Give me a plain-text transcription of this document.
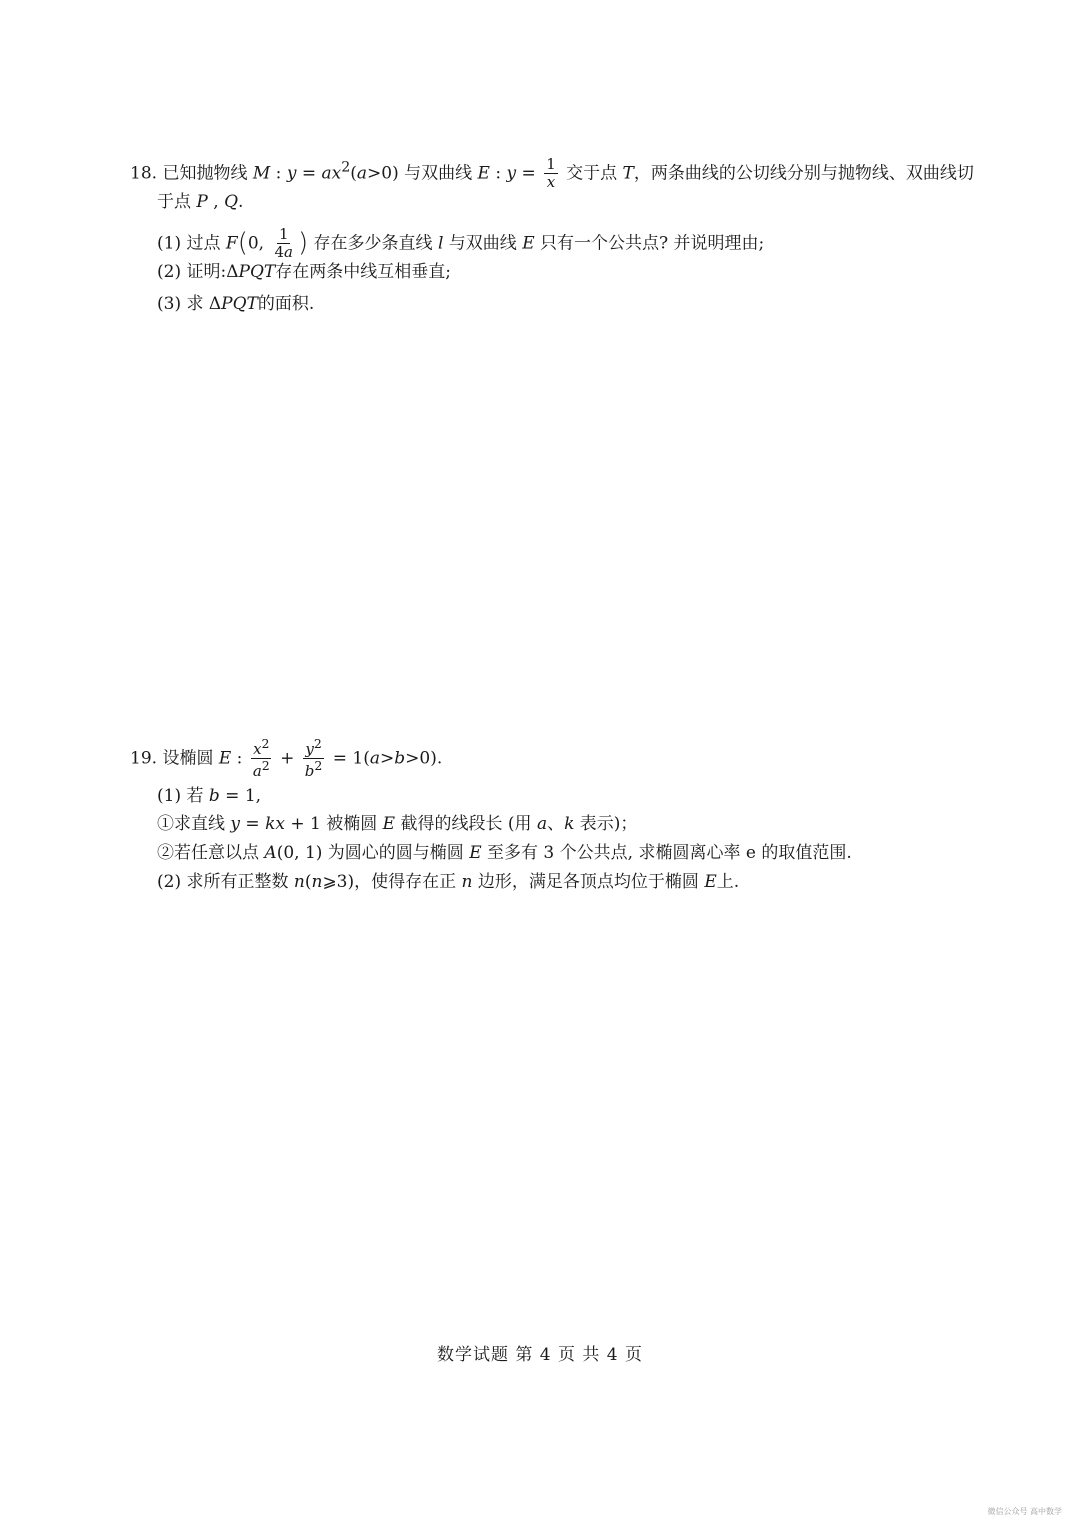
18. 已知抛物线 M : $y = ax^2(a>0)$ 与双曲线 E : $y = \frac{1}{x}$ 交于点 T，两条曲线的公切线分别与抛物线、双曲线切
于点 P , Q.
(1) 过点 F(0, $\frac{1}{4a}$ ) 存在多少条直线 l 与双曲线 E 只有一个公共点? 并说明理由;
(2) 证明:ΔPQT存在两条中线互相垂直;
(3) 求 ΔPQT的面积.
19. 设椭圆 E : $\frac{x^2}{a^2} + \frac{y^2}{b^2} = 1(a>b>0)$.
(1) 若 b = 1,
①求直线 y = kx + 1 被椭圆 E 截得的线段长 (用 a、k 表示)；
②若任意以点 A(0, 1) 为圆心的圆与椭圆 E 至多有 3 个公共点, 求椭圆离心率 e 的取值范围.
(2) 求所有正整数 n(n⩾3)，使得存在正 n 边形，满足各顶点均位于椭圆 E上.
数学试题 第 4 页 共 4 页
微信公众号 高中数学
